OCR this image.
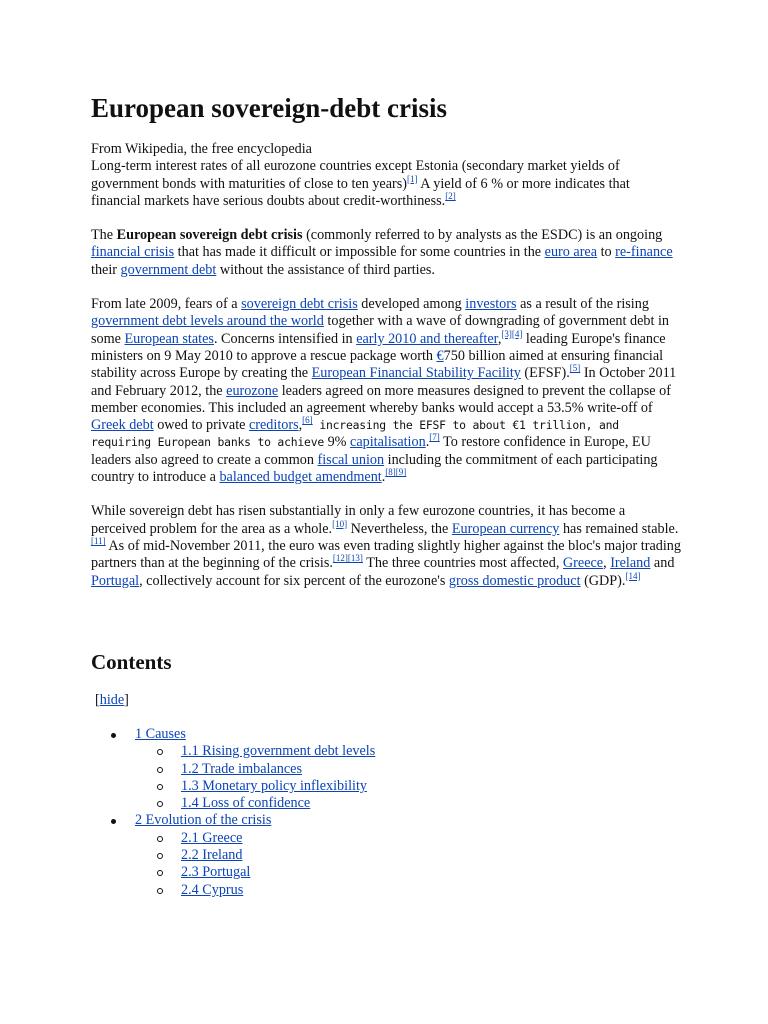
European sovereign-debt crisis

From Wikipedia, the free encyclopedia

Long-term interest rates of all eurozone countries except Estonia (secondary market yields of government bonds with maturities of close to ten years)[1] A yield of 6 % or more indicates that financial markets have serious doubts about credit-worthiness.[2]

The European sovereign debt crisis (commonly referred to by analysts as the ESDC) is an ongoing financial crisis that has made it difficult or impossible for some countries in the euro area to re-finance their government debt without the assistance of third parties.

From late 2009, fears of a sovereign debt crisis developed among investors as a result of the rising government debt levels around the world together with a wave of downgrading of government debt in some European states. Concerns intensified in early 2010 and thereafter,[3][4] leading Europe's finance ministers on 9 May 2010 to approve a rescue package worth €750 billion aimed at ensuring financial stability across Europe by creating the European Financial Stability Facility (EFSF).[5] In October 2011 and February 2012, the eurozone leaders agreed on more measures designed to prevent the collapse of member economies. This included an agreement whereby banks would accept a 53.5% write-off of Greek debt owed to private creditors,[6] increasing the EFSF to about €1 trillion, and requiring European banks to achieve 9% capitalisation.[7] To restore confidence in Europe, EU leaders also agreed to create a common fiscal union including the commitment of each participating country to introduce a balanced budget amendment.[8][9]

While sovereign debt has risen substantially in only a few eurozone countries, it has become a perceived problem for the area as a whole.[10] Nevertheless, the European currency has remained stable.[11] As of mid-November 2011, the euro was even trading slightly higher against the bloc's major trading partners than at the beginning of the crisis.[12][13] The three countries most affected, Greece, Ireland and Portugal, collectively account for six percent of the eurozone's gross domestic product (GDP).[14]

Contents
[hide]
1 Causes
1.1 Rising government debt levels
1.2 Trade imbalances
1.3 Monetary policy inflexibility
1.4 Loss of confidence
2 Evolution of the crisis
2.1 Greece
2.2 Ireland
2.3 Portugal
2.4 Cyprus
